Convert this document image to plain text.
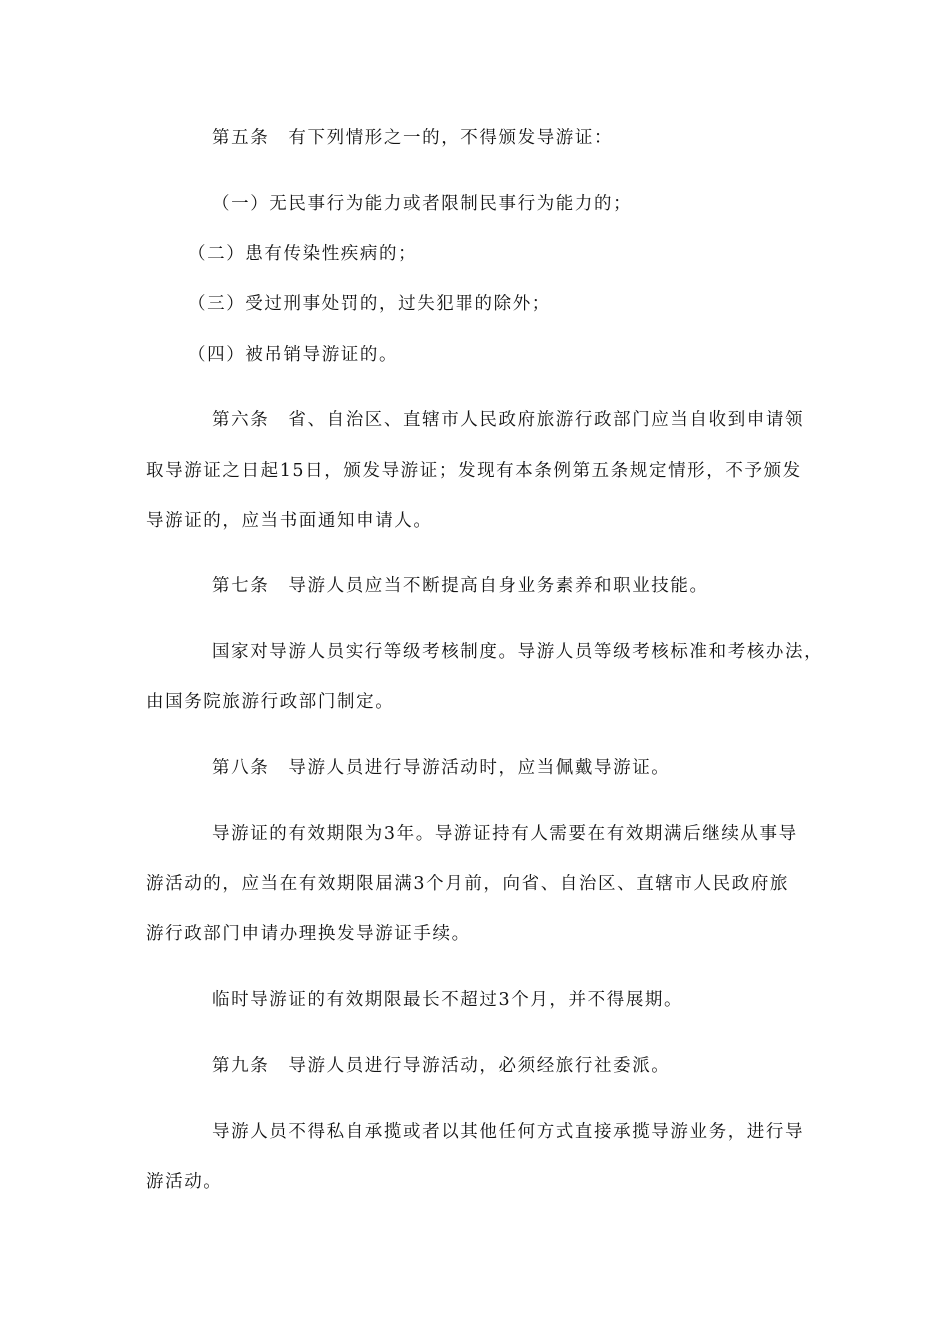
第五条　有下列情形之一的，不得颁发导游证：
（一）无民事行为能力或者限制民事行为能力的；
（二）患有传染性疾病的；
（三）受过刑事处罚的，过失犯罪的除外；
（四）被吊销导游证的。
第六条　省、自治区、直辖市人民政府旅游行政部门应当自收到申请领
取导游证之日起15日，颁发导游证；发现有本条例第五条规定情形，不予颁发
导游证的，应当书面通知申请人。
第七条　导游人员应当不断提高自身业务素养和职业技能。
国家对导游人员实行等级考核制度。导游人员等级考核标准和考核办法，
由国务院旅游行政部门制定。
第八条　导游人员进行导游活动时，应当佩戴导游证。
导游证的有效期限为3年。导游证持有人需要在有效期满后继续从事导
游活动的，应当在有效期限届满3个月前，向省、自治区、直辖市人民政府旅
游行政部门申请办理换发导游证手续。
临时导游证的有效期限最长不超过3个月，并不得展期。
第九条　导游人员进行导游活动，必须经旅行社委派。
导游人员不得私自承揽或者以其他任何方式直接承揽导游业务，进行导
游活动。
